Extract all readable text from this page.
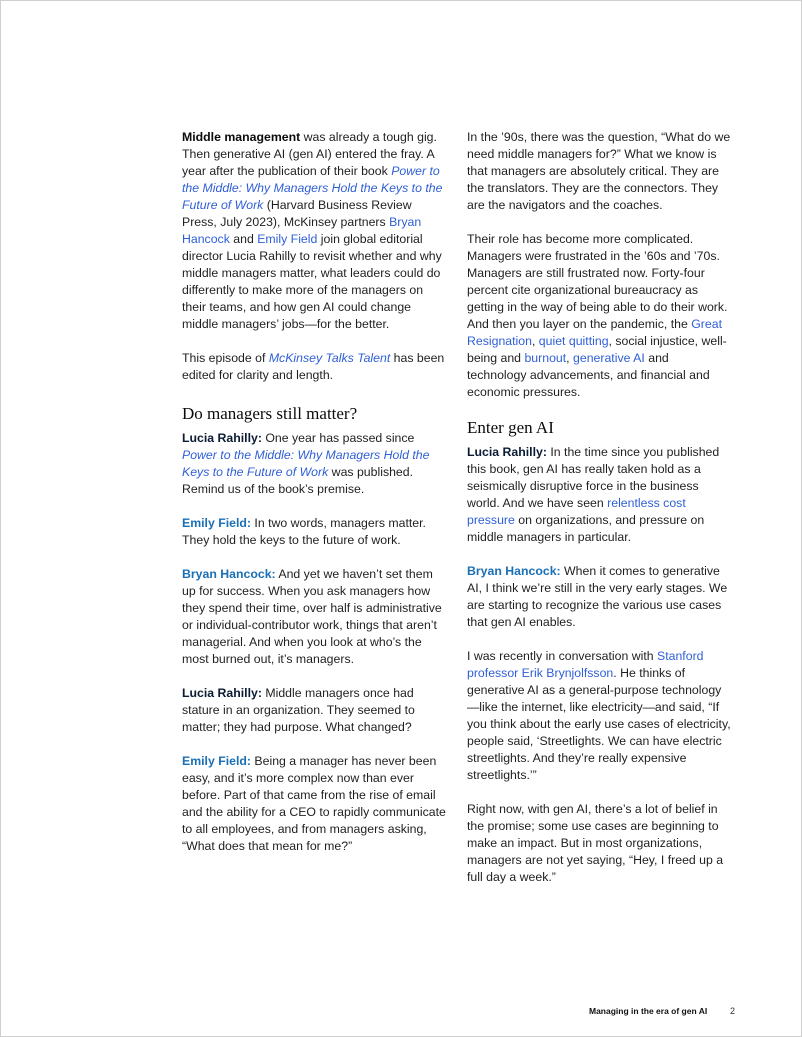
Middle management was already a tough gig. Then generative AI (gen AI) entered the fray. A year after the publication of their book Power to the Middle: Why Managers Hold the Keys to the Future of Work (Harvard Business Review Press, July 2023), McKinsey partners Bryan Hancock and Emily Field join global editorial director Lucia Rahilly to revisit whether and why middle managers matter, what leaders could do differently to make more of the managers on their teams, and how gen AI could change middle managers’ jobs—for the better.

This episode of McKinsey Talks Talent has been edited for clarity and length.

Do managers still matter?

Lucia Rahilly: One year has passed since Power to the Middle: Why Managers Hold the Keys to the Future of Work was published. Remind us of the book’s premise.

Emily Field: In two words, managers matter. They hold the keys to the future of work.

Bryan Hancock: And yet we haven’t set them up for success. When you ask managers how they spend their time, over half is administrative or individual-contributor work, things that aren’t managerial. And when you look at who’s the most burned out, it’s managers.

Lucia Rahilly: Middle managers once had stature in an organization. They seemed to matter; they had purpose. What changed?

Emily Field: Being a manager has never been easy, and it’s more complex now than ever before. Part of that came from the rise of email and the ability for a CEO to rapidly communicate to all employees, and from managers asking, “What does that mean for me?”

In the ’90s, there was the question, “What do we need middle managers for?” What we know is that managers are absolutely critical. They are the translators. They are the connectors. They are the navigators and the coaches.

Their role has become more complicated. Managers were frustrated in the ’60s and ’70s. Managers are still frustrated now. Forty-four percent cite organizational bureaucracy as getting in the way of being able to do their work. And then you layer on the pandemic, the Great Resignation, quiet quitting, social injustice, well-being and burnout, generative AI and technology advancements, and financial and economic pressures.

Enter gen AI

Lucia Rahilly: In the time since you published this book, gen AI has really taken hold as a seismically disruptive force in the business world. And we have seen relentless cost pressure on organizations, and pressure on middle managers in particular.

Bryan Hancock: When it comes to generative AI, I think we’re still in the very early stages. We are starting to recognize the various use cases that gen AI enables.

I was recently in conversation with Stanford professor Erik Brynjolfsson. He thinks of generative AI as a general-purpose technology—like the internet, like electricity—and said, “If you think about the early use cases of electricity, people said, ‘Streetlights. We can have electric streetlights. And they’re really expensive streetlights.’”

Right now, with gen AI, there’s a lot of belief in the promise; some use cases are beginning to make an impact. But in most organizations, managers are not yet saying, “Hey, I freed up a full day a week.”

Managing in the era of gen AI	2
